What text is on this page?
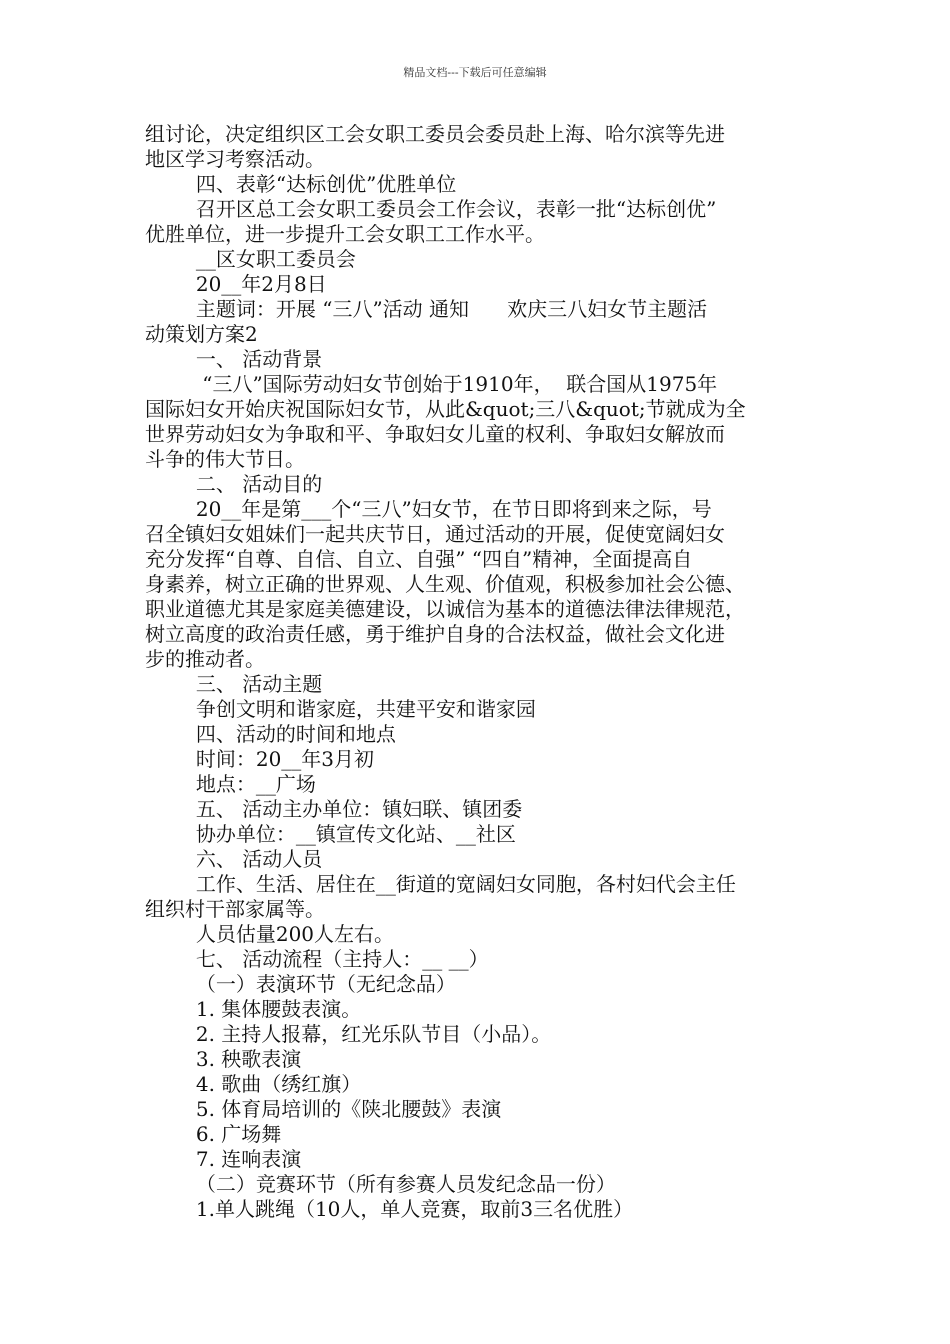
精品文档---下载后可任意编辑
组讨论，决定组织区工会女职工委员会委员赴上海、哈尔滨等先进
地区学习考察活动。
四、表彰“达标创优”优胜单位
召开区总工会女职工委员会工作会议，表彰一批“达标创优”
优胜单位，进一步提升工会女职工工作水平。
__区女职工委员会
20__年2月8日
主题词：开展 “三八”活动 通知      欢庆三八妇女节主题活
动策划方案2
一、 活动背景
“三八”国际劳动妇女节创始于1910年，  联合国从1975年
国际妇女开始庆祝国际妇女节，从此&quot;三八&quot;节就成为全
世界劳动妇女为争取和平、争取妇女儿童的权利、争取妇女解放而
斗争的伟大节日。
二、 活动目的
20__年是第___个“三八”妇女节，在节日即将到来之际，号
召全镇妇女姐妹们一起共庆节日，通过活动的开展，促使宽阔妇女
充分发挥“自尊、自信、自立、自强” “四自”精神，全面提高自
身素养，树立正确的世界观、人生观、价值观，积极参加社会公德、
职业道德尤其是家庭美德建设，以诚信为基本的道德法律法律规范，
树立高度的政治责任感，勇于维护自身的合法权益，做社会文化进
步的推动者。
三、 活动主题
争创文明和谐家庭，共建平安和谐家园
四、活动的时间和地点
时间：20__年3月初
地点：__广场
五、 活动主办单位：镇妇联、镇团委
协办单位：__镇宣传文化站、__社区
六、 活动人员
工作、生活、居住在__街道的宽阔妇女同胞，各村妇代会主任
组织村干部家属等。
人员估量200人左右。
七、 活动流程（主持人：__ __）
（一）表演环节（无纪念品）
1. 集体腰鼓表演。
2. 主持人报幕，红光乐队节目（小品）。
3. 秧歌表演
4. 歌曲（绣红旗）
5. 体育局培训的《陕北腰鼓》表演
6. 广场舞
7. 连响表演
（二）竞赛环节（所有参赛人员发纪念品一份）
1.单人跳绳（10人，单人竞赛，取前3三名优胜）
